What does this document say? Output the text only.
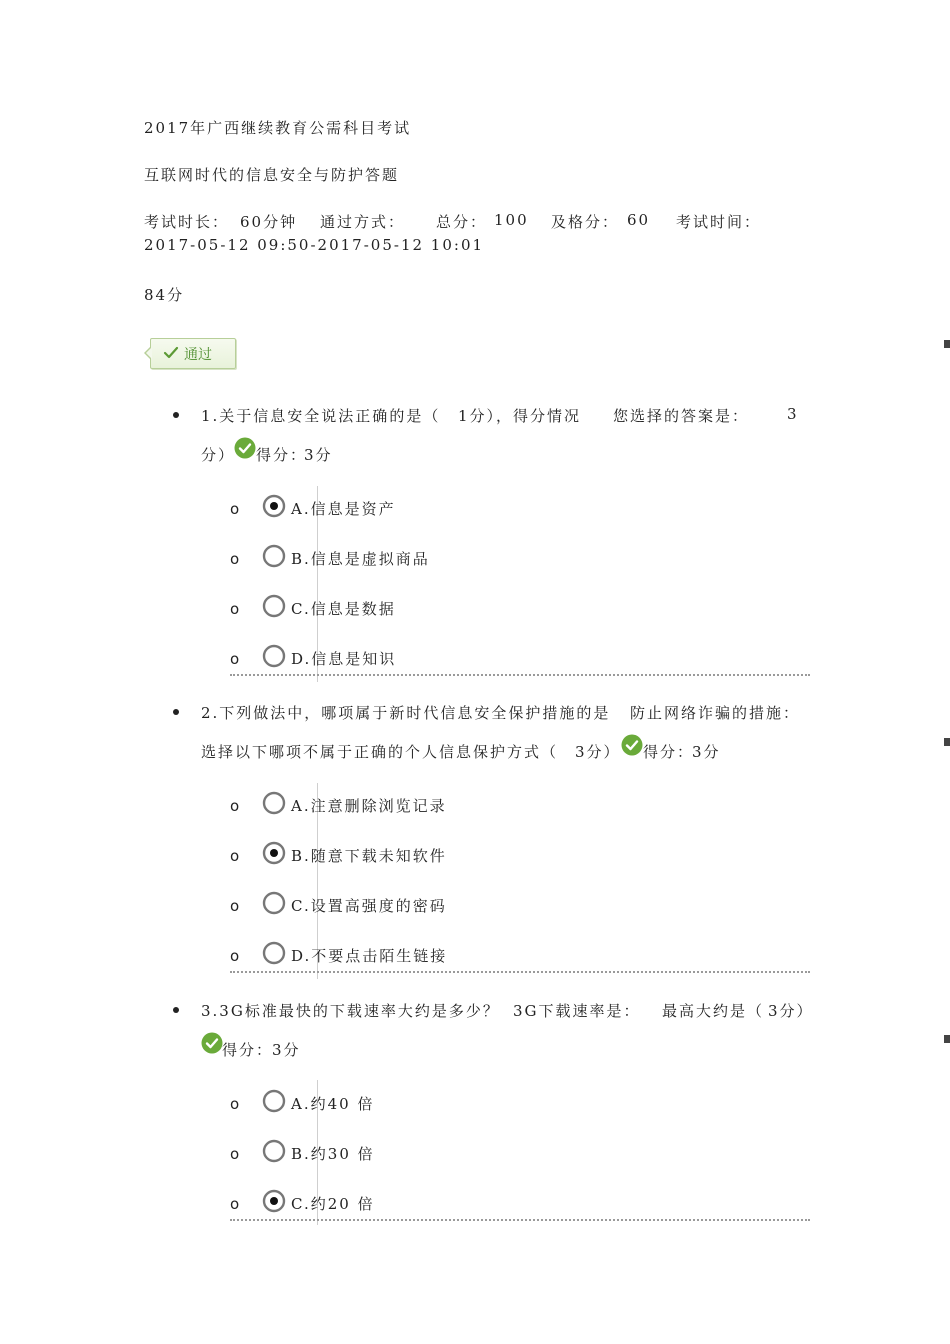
2017年广西继续教育公需科目考试
互联网时代的信息安全与防护答题
考试时长： 60分钟 通过方式： 总分： 100 及格分： 60 考试时间：
2017-05-12 09:50-2017-05-12 10:01
84分
通过
1.关于信息安全说法正确的是（ 1分），得分情况 您选择的答案是：	3
分） 得分：
3分
o	A.信息是资产
o	B.信息是虚拟商品
o	C.信息是数据
o	D.信息是知识
2.下列做法中，哪项属于新时代信息安全保护措施的是 防止网络诈骗的措施：
选择以下哪项不属于正确的个人信息保护方式（ 3分） 得分：
3分
o	A.注意删除浏览记录
o	B.随意下载未知软件
o	C.设置高强度的密码
o	D.不要点击陌生链接
3.3G标准最快的下载速率大约是多少？ 3G下载速率是： 最高大约是（ 3分）
得分：
3分
o	A.约40 倍
o	B.约30 倍
o	C.约20 倍
